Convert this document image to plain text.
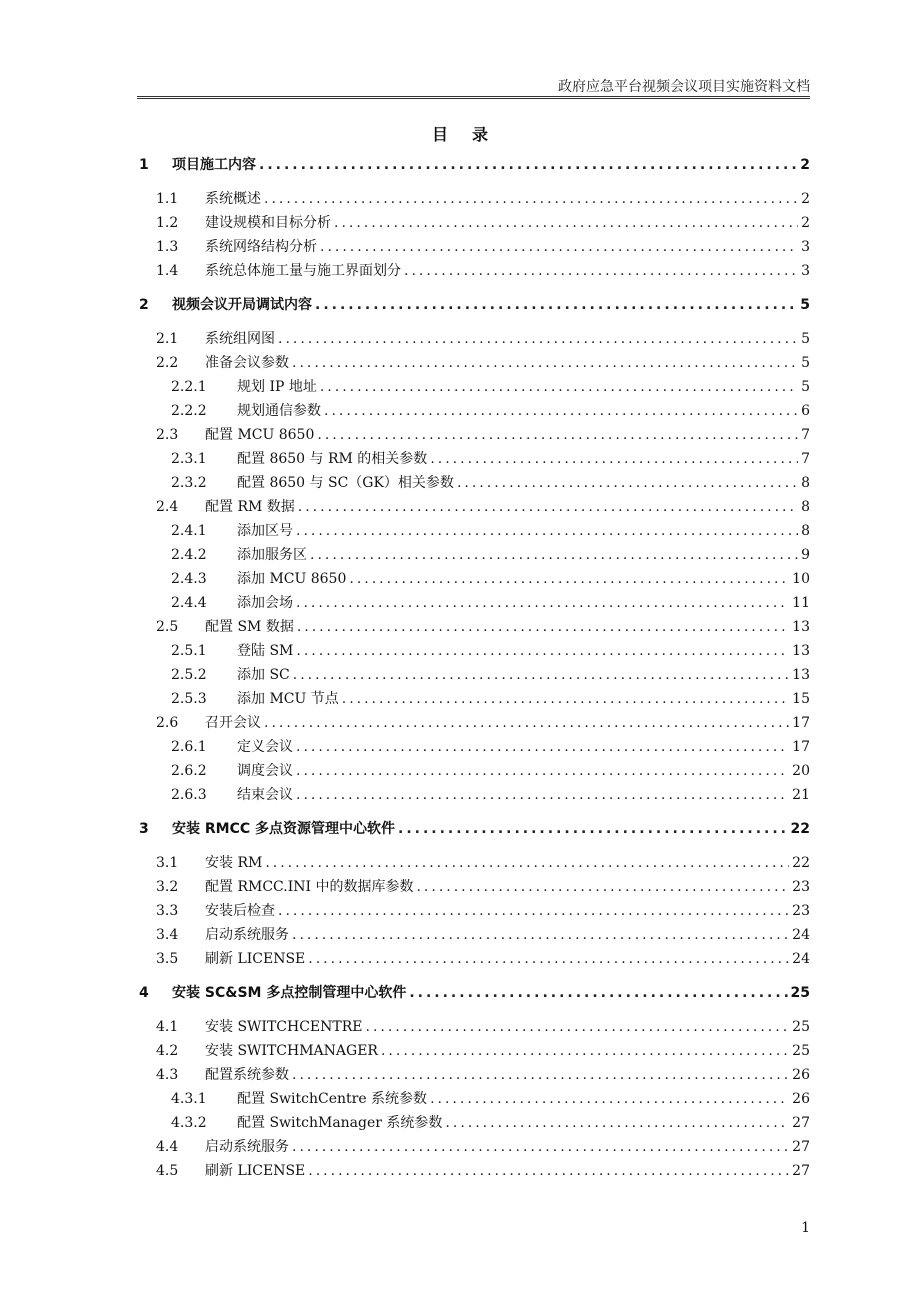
政府应急平台视频会议项目实施资料文档
目录
1 项目施工内容 .....	2
1.1 系统概述 .....	2
1.2 建设规模和目标分析 .....	2
1.3 系统网络结构分析 .....	3
1.4 系统总体施工量与施工界面划分 .....	3
2 视频会议开局调试内容 .....	5
2.1 系统组网图 .....	5
2.2 准备会议参数 .....	5
2.2.1 规划 IP 地址 .....	5
2.2.2 规划通信参数 .....	6
2.3 配置 MCU 8650 .....	7
2.3.1 配置 8650 与 RM 的相关参数 .....	7
2.3.2 配置 8650 与 SC（GK）相关参数 .....	8
2.4 配置 RM 数据 .....	8
2.4.1 添加区号 .....	8
2.4.2 添加服务区 .....	9
2.4.3 添加 MCU 8650 .....	10
2.4.4 添加会场 .....	11
2.5 配置 SM 数据 .....	13
2.5.1 登陆 SM .....	13
2.5.2 添加 SC .....	13
2.5.3 添加 MCU 节点 .....	15
2.6 召开会议 .....	17
2.6.1 定义会议 .....	17
2.6.2 调度会议 .....	20
2.6.3 结束会议 .....	21
3 安装 RMCC 多点资源管理中心软件 .....	22
3.1 安装 RM .....	22
3.2 配置 RMCC.INI 中的数据库参数 .....	23
3.3 安装后检查 .....	23
3.4 启动系统服务 .....	24
3.5 刷新 LICENSE .....	24
4 安装 SC&SM 多点控制管理中心软件 .....	25
4.1 安装 SWITCHCENTRE .....	25
4.2 安装 SWITCHMANAGER .....	25
4.3 配置系统参数 .....	26
4.3.1 配置 SwitchCentre 系统参数 .....	26
4.3.2 配置 SwitchManager 系统参数 .....	27
4.4 启动系统服务 .....	27
4.5 刷新 LICENSE .....	27
1
